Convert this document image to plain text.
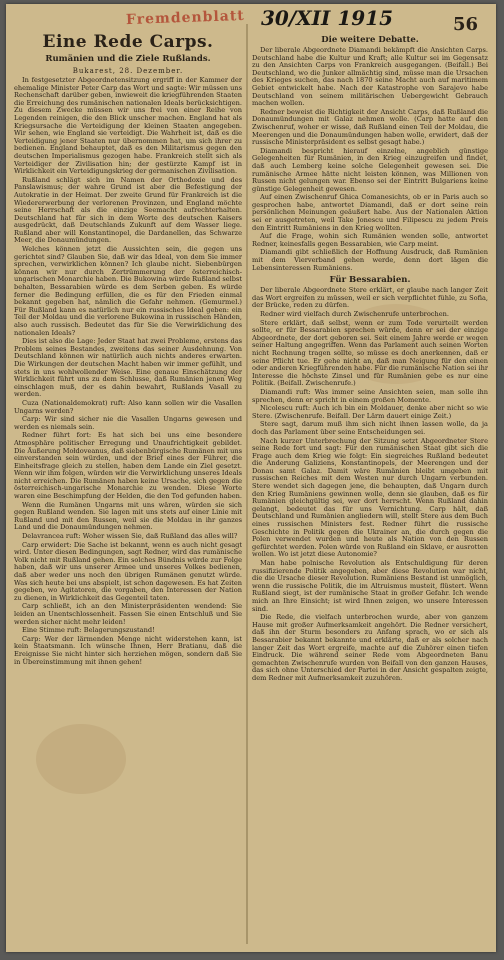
Fremdenblatt 30/XII 1915	56
Eine Rede Carps.
Rumänien und die Ziele Rußlands.
Bukarest, 28. Dezember.

In festgesetzter Abgeordnetensitzung ergriff in der Kammer der ehemalige Minister Peter Carp das Wort und sagte: Wir müssen uns Rechenschaft darüber geben, inwieweit die kriegführenden Staaten die Erreichung des rumänischen nationalen Ideals berücksichtigen. Zu diesem Zwecke müssen wir uns frei von einer Reihe von Legenden reinigen, die den Blick unscher machen. England hat als Kriegsursache die Verteidigung der kleinen Staaten angegeben. Wir sehen, wie England sie verteidigt. Die Wahrheit ist, daß es die Verteidigung jener Staaten nur übernommen hat, um sich ihrer zu bedienen. England behauptet, daß es den Militarismus gegen den deutschen Imperialismus gezogen habe. Frankreich stellt sich als Verteidiger der Zivilisation hin; der gestürzte Kampf ist in Wirklichkeit ein Verteidigungskrieg der germanischen Zivilisation.

Rußland schlägt sich im Namen der Orthodoxie und des Panslawismus; der wahre Grund ist aber die Befestigung der Autokratie in der Heimat. Der zweite Grund für Frankreich ist die Wiedererwerbung der verlorenen Provinzen, und England möchte seine Herrschaft als die einzige Seemacht aufrechterhalten. Deutschland hat für sich in dem Worte des deutschen Kaisers ausgedrückt, daß Deutschlands Zukunft auf dem Wasser liege. Rußland aber will Konstantinopel, die Dardanellen, das Schwarze Meer, die Donaumündungen.

Welches können jetzt die Aussichten sein, die gegen uns gerichtet sind? Glauben Sie, daß wir das Ideal, von dem Sie immer sprechen, verwirklichen können? Ich glaube nicht. Siebenbürgen können wir nur durch Zertrümmerung der österreichisch-ungarischen Monarchie haben. Die Bukowina würde Rußland selbst behalten, Bessarabien würde es dem Serben geben. Es würde ferner die Bedingung erfüllen, die es für den Frieden einmal bekannt gegeben hat, nämlich die Gefahr nehmen. (Gemurmel.) Für Rußland kann es natürlich nur ein russisches Ideal geben: ein Teil der Moldau und die verlorene Bukowina in russischen Händen, also auch russisch. Bedeutet das für Sie die Verwirklichung des nationalen Ideals?

Dies ist also die Lage: Jeder Staat hat zwei Probleme, erstens das Problem seines Bestandes, zweitens das seiner Ausdehnung. Von Deutschland können wir natürlich auch nichts anderes erwarten. Die Wirkungen der deutschen Macht haben wir immer gefühlt, und stets in uns wohlwollender Weise. Eine genaue Einschätzung der Wirklichkeit führt uns zu dem Schlusse, daß Rumänien jenen Weg einschlagen muß, der es dahin bewahrt, Rußlands Vasall zu werden.

Cuza (Nationaldemokrat) ruft: Also kann sollen wir die Vasallen Ungarns werden?

Carp: Wir sind sicher nie die Vasallen Ungarns gewesen und werden es niemals sein.

Redner führt fort: Es hat sich bei uns eine besondere Atmosphäre politischer Erregung und Unaufrichtigkeit gebildet. Die Äußerung Mołdoveanus, daß siebenbürgische Rumänen mit uns einverstanden sein würden, und der Brief eines der Führer, die Einheitsfrage gleich zu stellen, haben dem Lande ein Ziel gesetzt. Wenn wir ihm folgen, würden wir die Verwirklichung unseres Ideals nicht erreichen. Die Rumänen haben keine Ursache, sich gegen die österreichisch-ungarische Monarchie zu wenden. Diese Worte waren eine Beschimpfung der Helden, die den Tod gefunden haben.

Wenn die Rumänen Ungarns mit uns wären, würden sie sich gegen Rußland wenden. Sie lagen mit uns stets auf einer Linie mit Rußland und mit den Russen, weil sie die Moldau in ihr ganzes Land und die Donaumündungen nehmen.

Delavrancea ruft: Woher wissen Sie, daß Rußland das alles will?

Carp erwidert: Die Sache ist bekannt, wenn es auch nicht gesagt wird. Unter diesen Bedingungen, sagt Redner, wird das rumänische Volk nicht mit Rußland gehen. Ein solches Bündnis würde zur Folge haben, daß wir uns unserer Armee und unseres Volkes bedienen, daß aber weder uns noch den übrigen Rumänen genutzt würde. Was sich heute bei uns abspielt, ist schon dagewesen. Es hat Zeiten gegeben, wo Agitatoren, die vorgaben, den Interessen der Nation zu dienen, in Wirklichkeit das Gegenteil taten.

Carp schließt, ich an den Ministerpräsidenten wendend: Sie leiden an Unentschlossenheit. Fassen Sie einen Entschluß und Sie werden sicher nicht mehr leiden!

Eine Stimme ruft: Belagerungszustand!

Carp: Wer der lärmenden Menge nicht widerstehen kann, ist kein Staatsmann. Ich wünsche Ihnen, Herr Bratianu, daß die Ereignisse Sie nicht hinter sich herziehen mögen, sondern daß Sie in Übereinstimmung mit ihnen gehen!

Die weitere Debatte.

Der liberale Abgeordnete Diamandi bekämpft die Ansichten Carps. Deutschland habe die Kultur und Kraft; alle Kultur sei im Gegensatz zu den Ansichten Carps von Frankreich ausgegangen. (Beifall.) Bei Deutschland, wo die Junker allmächtig sind, müsse man die Ursachen des Krieges suchen, das nach 1870 seine Macht auch auf maritimem Gebiet entwickelt habe. Nach der Katastrophe von Sarajevo habe Deutschland von seinem militärischen Uebergewicht Gebrauch machen wollen.

Redner beweist die Richtigkeit der Ansicht Carps, daß Rußland die Donaumündungen mit Galaz nehmen wolle. (Carp hatte auf den Zwischenruf, woher er wisse, daß Rußland einen Teil der Moldau, die Meerengen und die Donaumündungen haben wolle, erwidert, daß der russische Ministerpräsident es selbst gesagt habe.)

Diamandi bespricht hierauf einzelne, angeblich günstige Gelegenheiten für Rumänien, in den Krieg einzugreifen und findet, daß auch Lemberg keine solche Gelegenheit gewesen sei. Die rumänische Armee hätte nicht leisten können, was Millionen von Russen nicht gelungen war. Ebenso sei der Eintritt Bulgariens keine günstige Gelegenheit gewesen.

Auf einen Zwischenruf Ghica Comanesichts, ob er in Paris auch so gesprochen habe, antwortet Diamandi, daß er dort seine rein persönlichen Meinungen geäußert habe. Aus der Nationalen Aktion sei er ausgetreten, weil Take Jonescu und Filipescu zu jedem Preis den Eintritt Rumäniens in den Krieg wollten.

Auf die Frage, wohin sich Rumänien wenden solle, antwortet Redner, keinesfalls gegen Bessarabien, wie Carp meint.

Diamandi gibt schließlich der Hoffnung Ausdruck, daß Rumänien mit dem Vierverband gehen werde, denn dort lägen die Lebensinteressen Rumäniens.

Für Bessarabien.

Der liberale Abgeordnete Stere erklärt, er glaube nach langer Zeit das Wort ergreifen zu müssen, weil er sich verpflichtet fühle, zu Sofia, der Brücke, reden zu dürfen.

Redner wird vielfach durch Zwischenrufe unterbrochen.

Stere erklärt, daß selbst, wenn er zum Tode verurteilt werden sollte, er für Bessarabien sprechen würde, denn er sei der einzige Abgeordnete, der dort geboren sei. Seit einem Jahre werde er wegen seiner Haltung angegriffen. Wenn das Parlament auch seinen Worten nicht Rechnung tragen sollte, so müsse es doch anerkennen, daß er seine Pflicht tue. Er gehe nicht an, daß man Neigung für den einen oder anderen Kriegführenden habe. Für die rumänische Nation sei ihr Interesse die höchste Zinsel und für Rumänien gebe es nur eine Politik. (Beifall. Zwischenrufe.)

Diamandi ruft: Was immer seine Ansichten seien, man solle ihn sprechen, denn er spricht in einem großen Momente.

Nicolescu ruft: Auch ich bin ein Moldauer, denke aber nicht so wie Stere. (Zwischenrufe. Beifall. Der Lärm dauert einige Zeit.)

Stere sagt, darum muß ihm sich nicht ihnen lassen wolle, da ja doch das Parlament über seine Entscheidungen sei.

Nach kurzer Unterbrechung der Sitzung setzt Abgeordneter Stere seine Rede fort und sagt: Für den rumänischen Staat gibt sich die Frage auch dem Krieg wie folgt: Ein siegreiches Rußland bedeutet die Anderung Galiziens, Konstantinopels, der Meerengen und der Donau samt Galaz. Damit wäre Rumänien bleibt umgeben mit russischen Reiches mit dem Westen nur durch Ungarn verbunden. Stere wendet sich dagegen jene, die behaupten, daß Ungarn durch den Krieg Rumäniens gewinnen wolle, denn sie glauben, daß es für Rumänien gleichgültig sei, wer dort herrscht. Wenn Rußland dahin gelangt, bedeutet das für uns Vernichtung. Carp hält, daß Deutschland und Rumänien angliedern will, stellt Stere aus dem Buch eines russischen Ministers fest. Redner führt die russische Geschichte in Politik gegen die Ukrainer an, die durch gegen die Polen verwendet wurden und heute als Nation von den Russen gefürchtet werden. Polen würde von Rußland ein Sklave, er ausrotten wollen. Wo ist jetzt diese Autonomie?

Man habe polnische Revolution als Entschuldigung für deren russifizierende Politik angegeben, aber diese Revolution war nicht, die die Ursache dieser Revolution. Rumäniens Bestand ist unmöglich, wenn die russische Politik, die im Altruismus musteit, flüstert. Wenn Rußland siegt, ist der rumänische Staat in großer Gefahr. Ich wende mich an Ihre Einsicht; ist wird Ihnen zeigen, wo unsere Interessen sind.

Die Rede, die vielfach unterbrochen wurde, aber von ganzem Hause mit großer Aufmerksamkeit angehört. Die Redner versichert, daß ihn der Sturm besonders zu Anfang sprach, wo er sich als Bessarabier bekannt bekannte und erklärte, daß er als solcher nach langer Zeit das Wort ergreife, machte auf die Zuhörer einen tiefen Eindruck. Die während seiner Rede vom Abgeordneten Banu gemachten Zwischenrufe wurden von Beifall von den ganzen Hauses, das sich ohne Unterschied der Partei in der Ansicht gespalten zeigte, dem Redner mit Aufmerksamkeit zuzuhören.
